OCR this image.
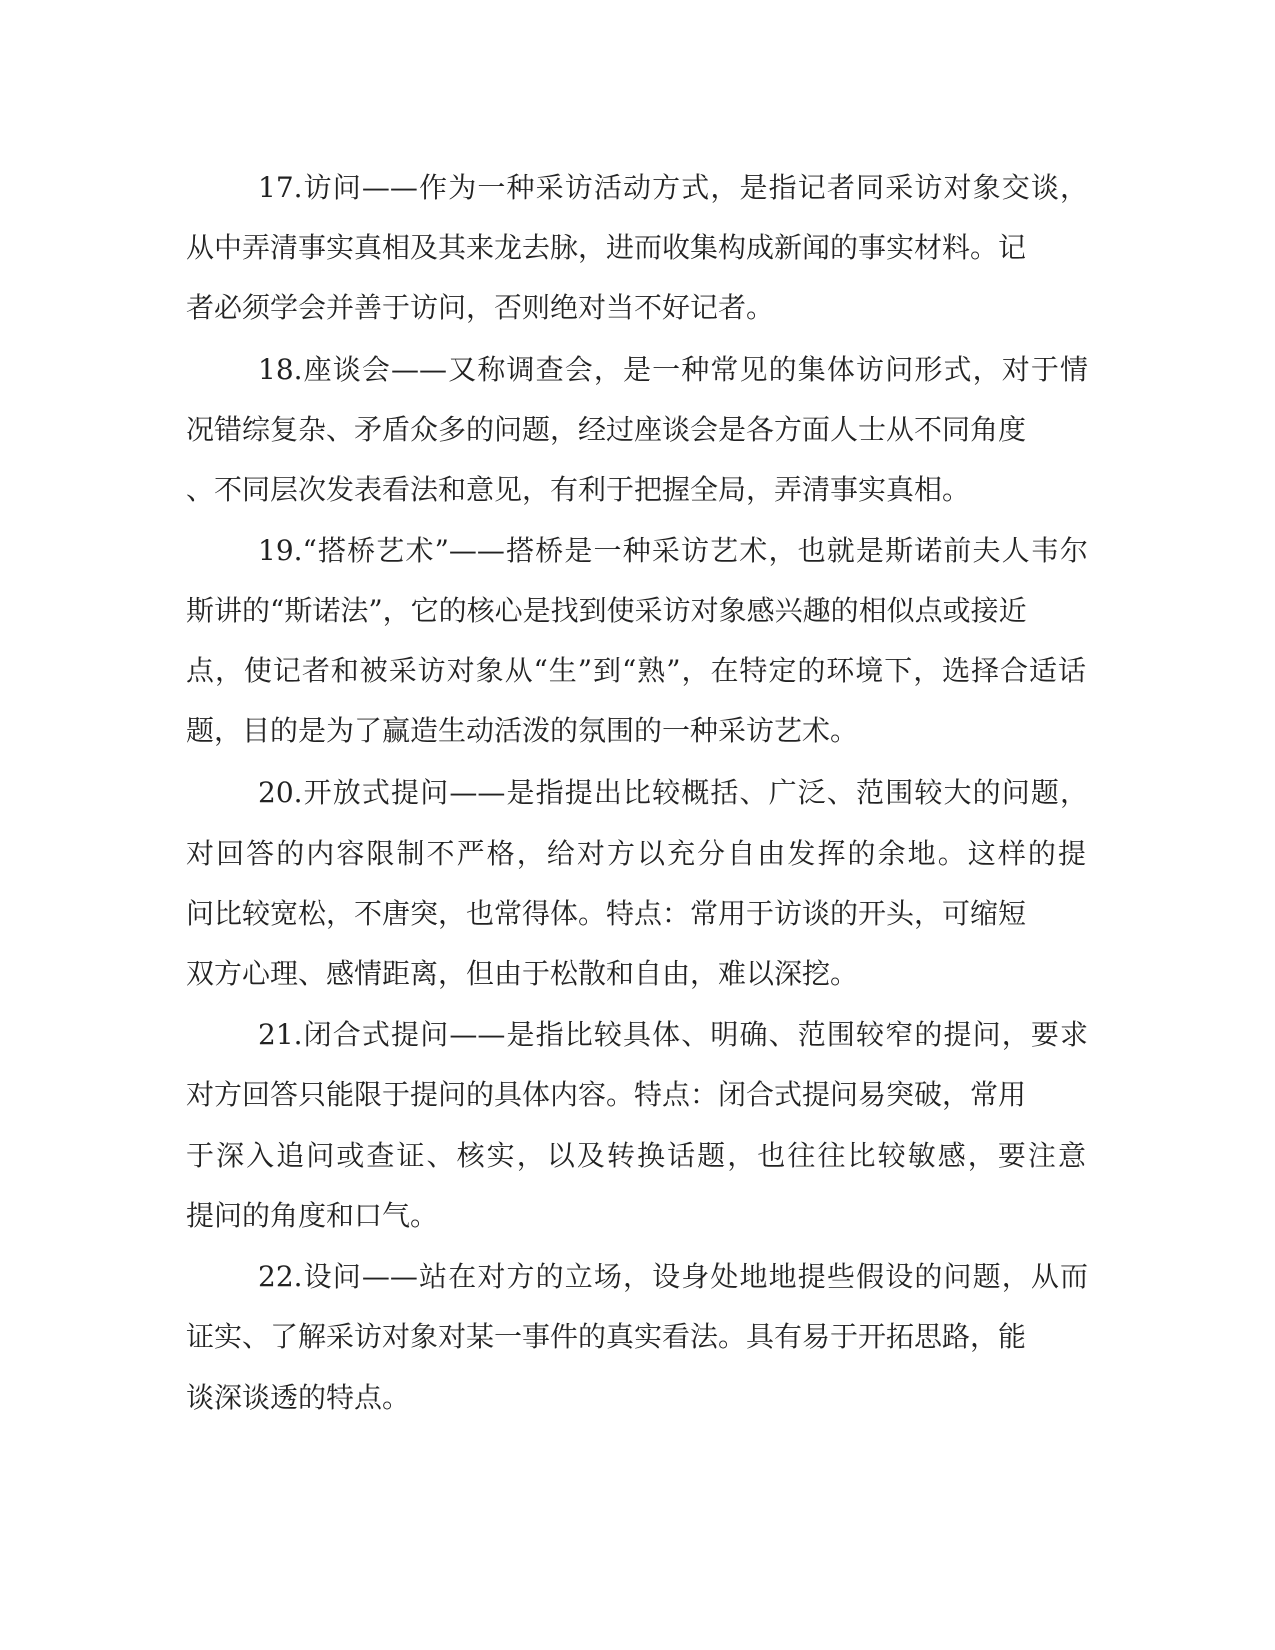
17.访问——作为一种采访活动方式，是指记者同采访对象交谈，
从中弄清事实真相及其来龙去脉，进而收集构成新闻的事实材料。记
者必须学会并善于访问，否则绝对当不好记者。
18.座谈会——又称调查会，是一种常见的集体访问形式，对于情
况错综复杂、矛盾众多的问题，经过座谈会是各方面人士从不同角度
、不同层次发表看法和意见，有利于把握全局，弄清事实真相。
19.“搭桥艺术”——搭桥是一种采访艺术，也就是斯诺前夫人韦尔
斯讲的“斯诺法”，它的核心是找到使采访对象感兴趣的相似点或接近
点，使记者和被采访对象从“生”到“熟”，在特定的环境下，选择合适话
题，目的是为了赢造生动活泼的氛围的一种采访艺术。
20.开放式提问——是指提出比较概括、广泛、范围较大的问题，
对回答的内容限制不严格，给对方以充分自由发挥的余地。这样的提
问比较宽松，不唐突，也常得体。特点：常用于访谈的开头，可缩短
双方心理、感情距离，但由于松散和自由，难以深挖。
21.闭合式提问——是指比较具体、明确、范围较窄的提问，要求
对方回答只能限于提问的具体内容。特点：闭合式提问易突破，常用
于深入追问或查证、核实，以及转换话题，也往往比较敏感，要注意
提问的角度和口气。
22.设问——站在对方的立场，设身处地地提些假设的问题，从而
证实、了解采访对象对某一事件的真实看法。具有易于开拓思路，能
谈深谈透的特点。
